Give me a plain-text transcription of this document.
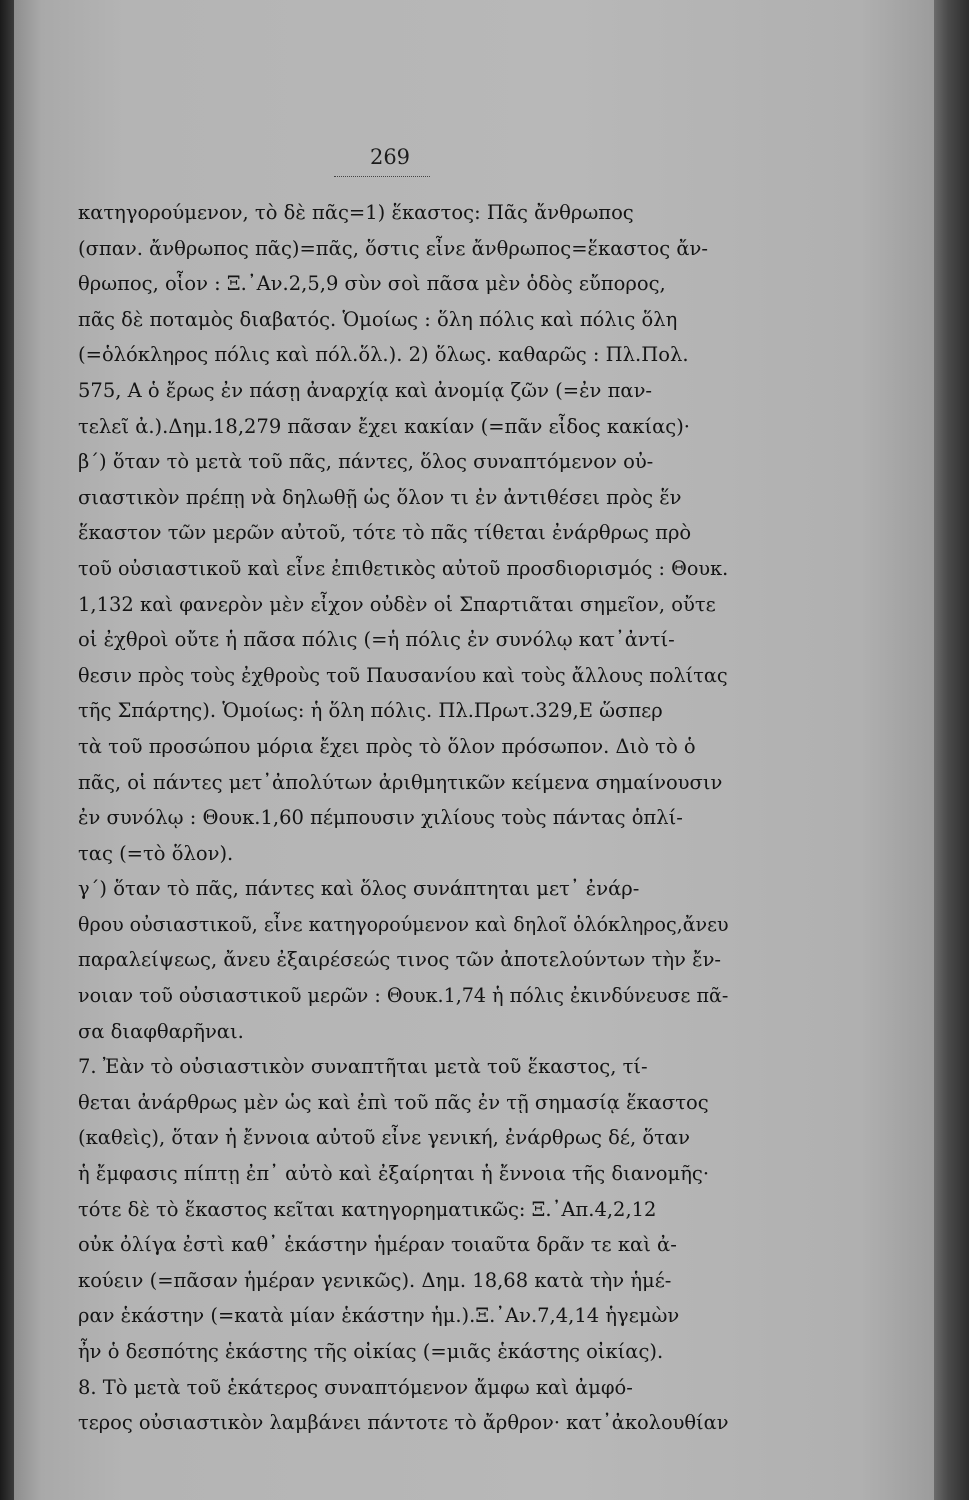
269
κατηγορούμενον, τὸ δὲ πᾶς=1) ἕκαστος: Πᾶς ἄνθρωπος
(σπαν. ἄνθρωπος πᾶς)=πᾶς, ὅστις εἶνε ἄνθρωπος=ἕκαστος ἄν-
θρωπος, οἷον : Ξ.᾽Αν.2,5,9 σὺν σοὶ πᾶσα μὲν ὁδὸς εὔπορος,
πᾶς δὲ ποταμὸς διαβατός. Ὁμοίως : ὅλη πόλις καὶ πόλις ὅλη
(=ὁλόκληρος πόλις καὶ πόλ.ὅλ.). 2) ὅλως. καθαρῶς : Πλ.Πολ.
575, Α ὁ ἔρως ἐν πάσῃ ἀναρχίᾳ καὶ ἀνομίᾳ ζῶν (=ἐν παν-
τελεῖ ἀ.).Δημ.18,279 πᾶσαν ἔχει κακίαν (=πᾶν εἶδος κακίας)·
β΄) ὅταν τὸ μετὰ τοῦ πᾶς, πάντες, ὅλος συναπτόμενον οὐ-
σιαστικὸν πρέπῃ νὰ δηλωθῇ ὡς ὅλον τι ἐν ἀντιθέσει πρὸς ἕν
ἕκαστον τῶν μερῶν αὐτοῦ, τότε τὸ πᾶς τίθεται ἐνάρθρως πρὸ
τοῦ οὐσιαστικοῦ καὶ εἶνε ἐπιθετικὸς αὐτοῦ προσδιορισμός : Θουκ.
1,132 καὶ φανερὸν μὲν εἶχον οὐδὲν οἱ Σπαρτιᾶται σημεῖον, οὔτε
οἱ ἐχθροὶ οὔτε ἡ πᾶσα πόλις (=ἡ πόλις ἐν συνόλῳ κατ᾽ἀντί-
θεσιν πρὸς τοὺς ἐχθροὺς τοῦ Παυσανίου καὶ τοὺς ἄλλους πολίτας
τῆς Σπάρτης). Ὁμοίως: ἡ ὅλη πόλις. Πλ.Πρωτ.329,Ε ὥσπερ
τὰ τοῦ προσώπου μόρια ἔχει πρὸς τὸ ὅλον πρόσωπον. Διὸ τὸ ὁ
πᾶς, οἱ πάντες μετ᾽ἀπολύτων ἀριθμητικῶν κείμενα σημαίνουσιν
ἐν συνόλῳ : Θουκ.1,60 πέμπουσιν χιλίους τοὺς πάντας ὁπλί-
τας (=τὸ ὅλον).
γ΄) ὅταν τὸ πᾶς, πάντες καὶ ὅλος συνάπτηται μετ᾽ ἐνάρ-
θρου οὐσιαστικοῦ, εἶνε κατηγορούμενον καὶ δηλοῖ ὁλόκληρος,ἄνευ
παραλείψεως, ἄνευ ἐξαιρέσεώς τινος τῶν ἀποτελούντων τὴν ἔν-
νοιαν τοῦ οὐσιαστικοῦ μερῶν : Θουκ.1,74 ἡ πόλις ἐκινδύνευσε πᾶ-
σα διαφθαρῆναι.
7. Ἐὰν τὸ οὐσιαστικὸν συναπτῆται μετὰ τοῦ ἕκαστος, τί-
θεται ἀνάρθρως μὲν ὡς καὶ ἐπὶ τοῦ πᾶς ἐν τῇ σημασίᾳ ἕκαστος
(καθεὶς), ὅταν ἡ ἔννοια αὐτοῦ εἶνε γενική, ἐνάρθρως δέ, ὅταν
ἡ ἔμφασις πίπτῃ ἐπ᾽ αὐτὸ καὶ ἐξαίρηται ἡ ἔννοια τῆς διανομῆς·
τότε δὲ τὸ ἕκαστος κεῖται κατηγορηματικῶς: Ξ.᾽Απ.4,2,12
οὐκ ὀλίγα ἐστὶ καθ᾽ ἑκάστην ἡμέραν τοιαῦτα δρᾶν τε καὶ ἀ-
κούειν (=πᾶσαν ἡμέραν γενικῶς). Δημ. 18,68 κατὰ τὴν ἡμέ-
ραν ἑκάστην (=κατὰ μίαν ἑκάστην ἡμ.).Ξ.᾽Αν.7,4,14 ἡγεμὼν
ἦν ὁ δεσπότης ἑκάστης τῆς οἰκίας (=μιᾶς ἑκάστης οἰκίας).
8. Τὸ μετὰ τοῦ ἑκάτερος συναπτόμενον ἄμφω καὶ ἀμφό-
τερος οὐσιαστικὸν λαμβάνει πάντοτε τὸ ἄρθρον· κατ᾽ἀκολουθίαν
